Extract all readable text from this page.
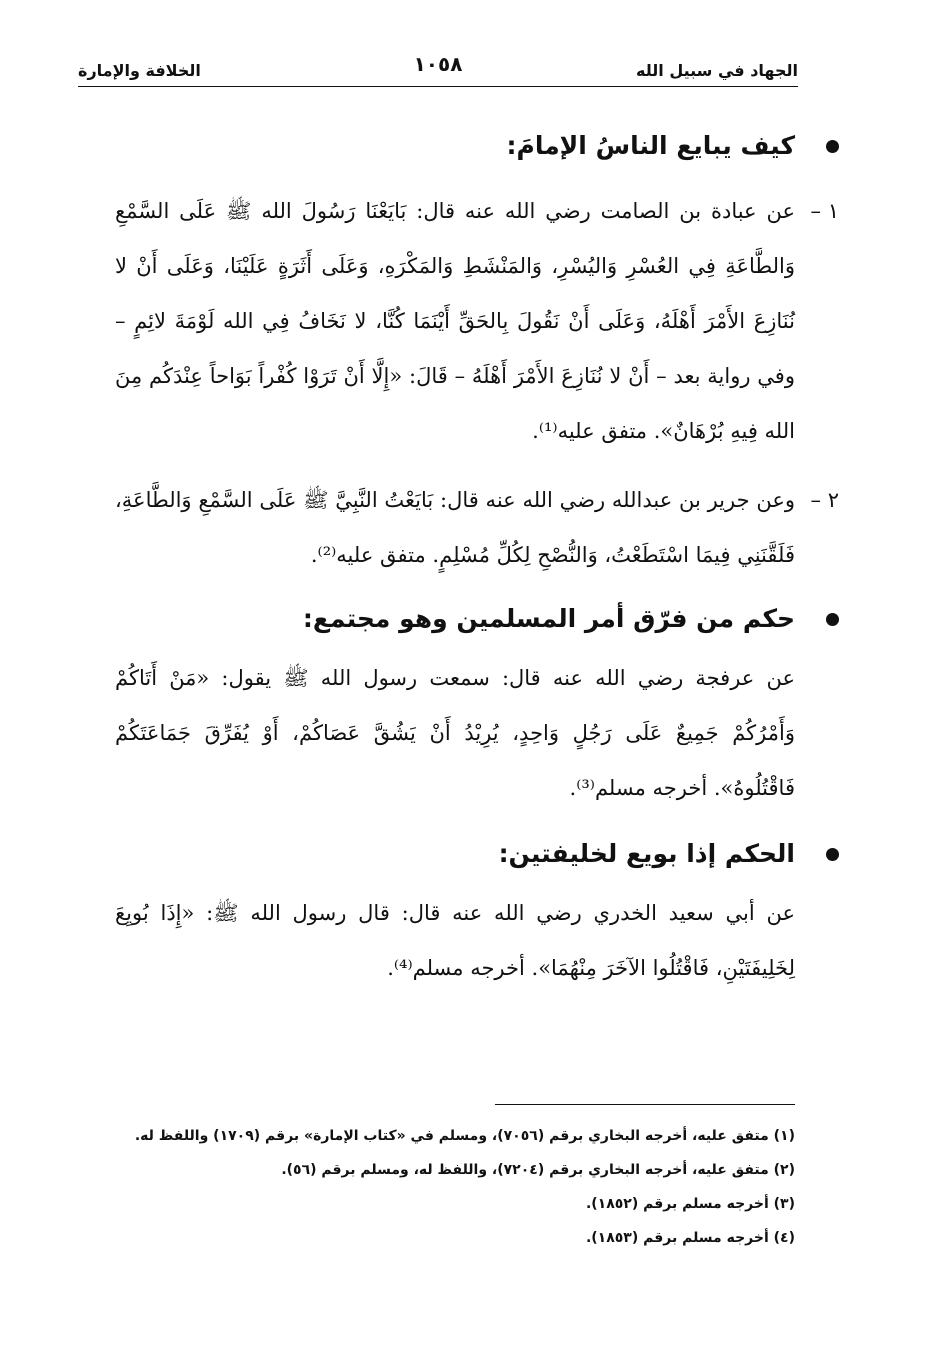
الجهاد في سبيل الله
١٠٥٨
الخلافة والإمارة
كيف يبايع الناسُ الإمامَ:

١ –
عن عبادة بن الصامت رضي الله عنه قال: بَايَعْنَا رَسُولَ الله ﷺ عَلَى السَّمْعِ وَالطَّاعَةِ فِي العُسْرِ وَاليُسْرِ، وَالمَنْشَطِ وَالمَكْرَهِ، وَعَلَى أَثَرَةٍ عَلَيْنَا، وَعَلَى أَنْ لا نُنَازِعَ الأَمْرَ أَهْلَهُ، وَعَلَى أَنْ نَقُولَ بِالحَقِّ أَيْنَمَا كُنَّا، لا نَخَافُ فِي الله لَوْمَةَ لائِمٍ – وفي رواية بعد – أَنْ لا نُنَازِعَ الأَمْرَ أَهْلَهُ – قَالَ: «إِلَّا أَنْ تَرَوْا كُفْراً بَوَاحاً عِنْدَكُم مِنَ الله فِيهِ بُرْهَانٌ». متفق عليه⁽¹⁾.

٢ –
وعن جرير بن عبدالله رضي الله عنه قال: بَايَعْتُ النَّبِيَّ ﷺ عَلَى السَّمْعِ وَالطَّاعَةِ، فَلَقَّنَنِي فِيمَا اسْتَطَعْتُ، وَالنُّصْحِ لِكُلِّ مُسْلِمٍ. متفق عليه⁽²⁾.

حكم من فرّق أمر المسلمين وهو مجتمع:

عن عرفجة رضي الله عنه قال: سمعت رسول الله ﷺ يقول: «مَنْ أَتَاكُمْ وَأَمْرُكُمْ جَمِيعٌ عَلَى رَجُلٍ وَاحِدٍ، يُرِيْدُ أَنْ يَشُقَّ عَصَاكُمْ، أَوْ يُفَرِّقَ جَمَاعَتَكُمْ فَاقْتُلُوهُ». أخرجه مسلم⁽³⁾.

الحكم إذا بويع لخليفتين:

عن أبي سعيد الخدري رضي الله عنه قال: قال رسول الله ﷺ: «إِذَا بُويِعَ لِخَلِيفَتَيْنِ، فَاقْتُلُوا الآخَرَ مِنْهُمَا». أخرجه مسلم⁽⁴⁾.

(١) متفق عليه، أخرجه البخاري برقم (٧٠٥٦)، ومسلم في «كتاب الإمارة» برقم (١٧٠٩) واللفظ له.

(٢) متفق عليه، أخرجه البخاري برقم (٧٢٠٤)، واللفظ له، ومسلم برقم (٥٦).

(٣) أخرجه مسلم برقم (١٨٥٢).

(٤) أخرجه مسلم برقم (١٨٥٣).
